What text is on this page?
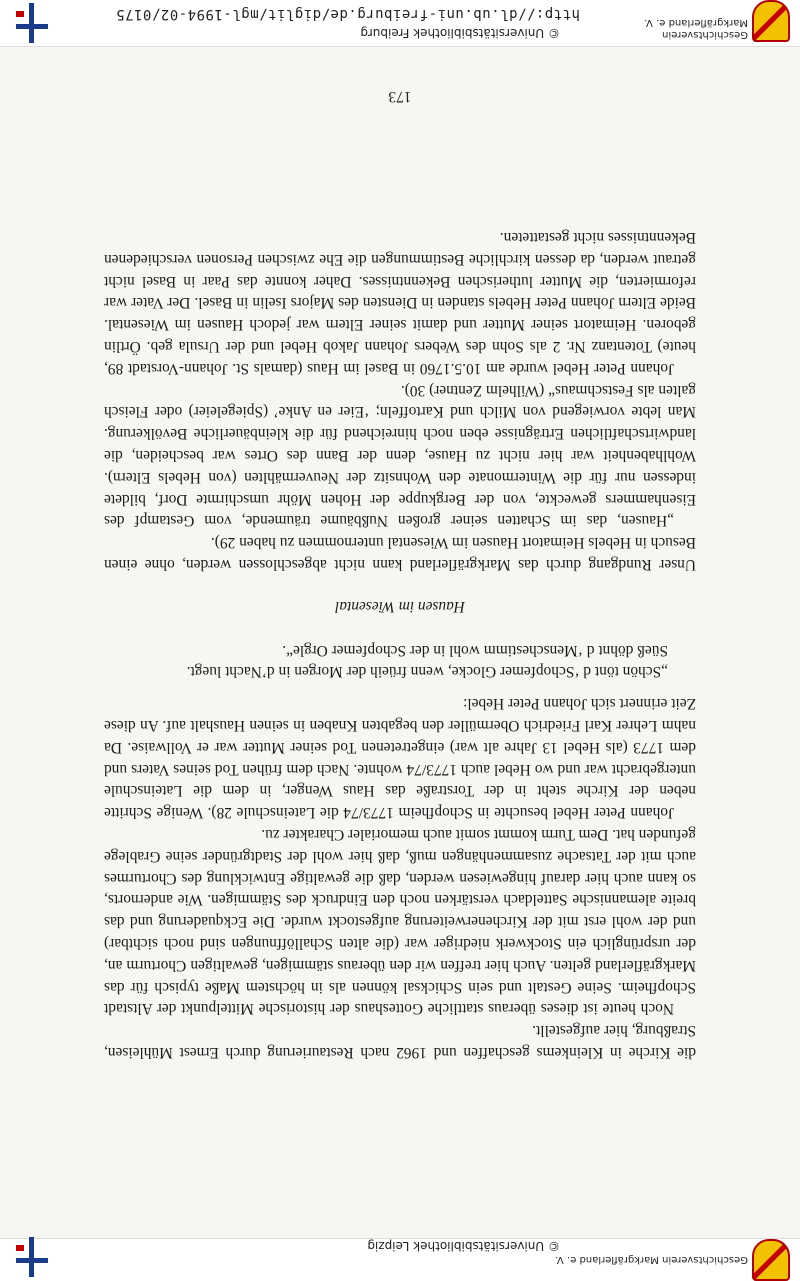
Geschichtsverein Markgräflerland e. V.
© Universitätsbibliothek Leipzig

die Kirche in Kleinkems geschaffen und 1962 nach Restaurierung durch Ernest Mühleisen, Straßburg, hier aufgestellt.

Noch heute ist dieses überaus stattliche Gotteshaus der historische Mittelpunkt der Altstadt Schopfheim. Seine Gestalt und sein Schicksal können als in höchstem Maße typisch für das Markgräflerland gelten. Auch hier treffen wir den überaus stämmigen, gewaltigen Chorturm an, der ursprünglich ein Stockwerk niedriger war (die alten Schallöffnungen sind noch sichtbar) und der wohl erst mit der Kirchenerweiterung aufgestockt wurde. Die Eckquaderung und das breite alemannische Satteldach verstärken noch den Eindruck des Stämmigen. Wie andernorts, so kann auch hier darauf hingewiesen werden, daß die gewaltige Entwicklung des Chorturmes auch mit der Tatsache zusammenhängen muß, daß hier wohl der Stadtgründer seine Grablege gefunden hat. Dem Turm kommt somit auch memorialer Charakter zu.

Johann Peter Hebel besuchte in Schopfheim 1773/74 die Lateinschule 28). Wenige Schritte neben der Kirche steht in der Torstraße das Haus Wenger, in dem die Lateinschule untergebracht war und wo Hebel auch 1773/74 wohnte. Nach dem frühen Tod seines Vaters und dem 1773 (als Hebel 13 Jahre alt war) eingetretenen Tod seiner Mutter war er Vollwaise. Da nahm Lehrer Karl Friedrich Obermüller den begabten Knaben in seinen Haushalt auf. An diese Zeit erinnert sich Johann Peter Hebel:

„Schön tönt d ‘Schopfemer Glocke, wenn früeih der Morgen in d’Nacht luegt.

Süeß döhnt d ‘Menschestimm wohl in der Schopfemer Orgle“.

Hausen im Wiesental

Unser Rundgang durch das Markgräflerland kann nicht abgeschlossen werden, ohne einen Besuch in Hebels Heimatort Hausen im Wiesental unternommen zu haben 29).

„Hausen, das im Schatten seiner großen Nußbäume träumende, vom Gestampf des Eisenhammers geweckte, von der Bergkuppe der Hohen Möhr umschirmte Dorf, bildete indessen nur für die Wintermonate den Wohnsitz der Neuvermählten (von Hebels Eltern). Wohlhabenheit war hier nicht zu Hause, denn der Bann des Ortes war bescheiden, die landwirtschaftlichen Erträgnisse eben noch hinreichend für die kleinbäuerliche Bevölkerung. Man lebte vorwiegend von Milch und Kartoffeln; ‘Eier en Anke’ (Spiegeleier) oder Fleisch galten als Festschmaus“ (Wilhelm Zentner) 30).

Johann Peter Hebel wurde am 10.5.1760 in Basel im Haus (damals St. Johann-Vorstadt 89, heute) Totentanz Nr. 2 als Sohn des Webers Johann Jakob Hebel und der Ursula geb. Örtlin geboren. Heimatort seiner Mutter und damit seiner Eltern war jedoch Hausen im Wiesental. Beide Eltern Johann Peter Hebels standen in Diensten des Majors Iselin in Basel. Der Vater war reformierten, die Mutter lutherischen Bekenntnisses. Daher konnte das Paar in Basel nicht getraut werden, da dessen kirchliche Bestimmungen die Ehe zwischen Personen verschiedenen Bekenntnisses nicht gestatteten.

173
Geschichtsverein
Markgräflerland e. V.
© Universitätsbibliothek Freiburg
http://dl.ub.uni-freiburg.de/diglit/mgl-1994-02/0175
